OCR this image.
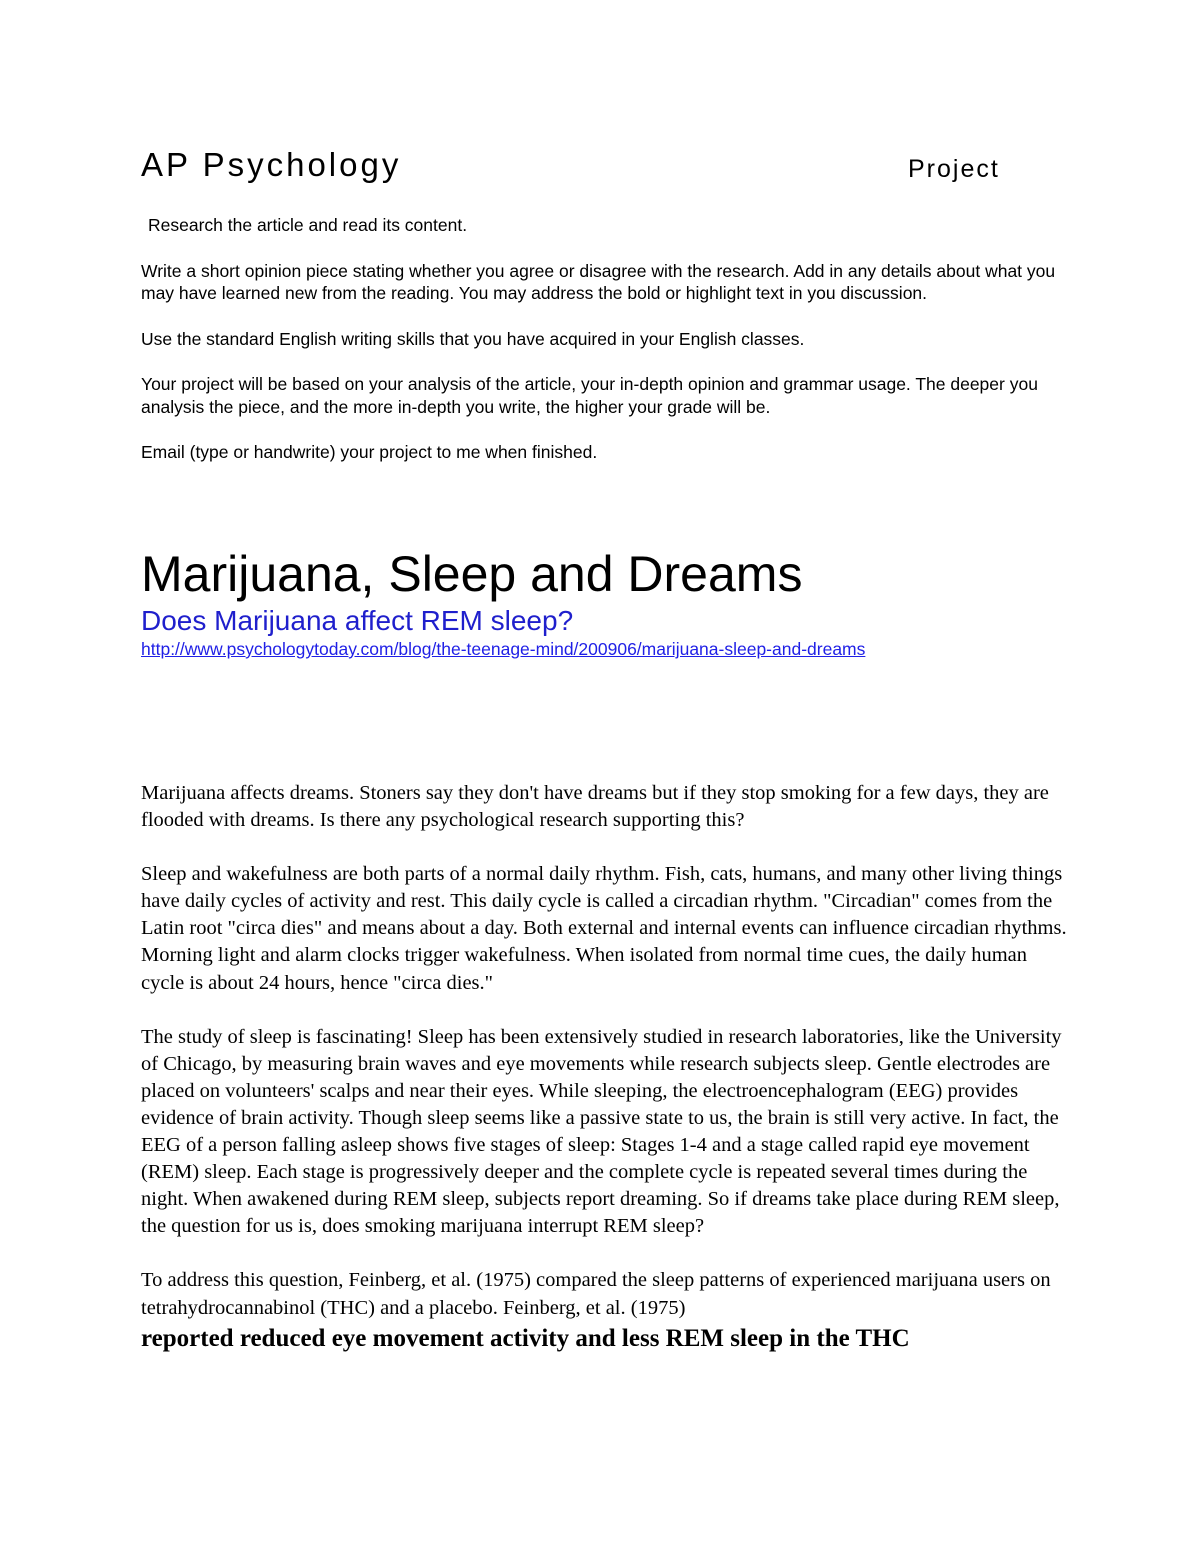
AP Psychology	Project

Research the article and read its content.

Write a short opinion piece stating whether you agree or disagree with the research. Add in any details about what you may have learned new from the reading. You may address the bold or highlight text in you discussion.

Use the standard English writing skills that you have acquired in your English classes.

Your project will be based on your analysis of the article, your in-depth opinion and grammar usage. The deeper you analysis the piece, and the more in-depth you write, the higher your grade will be.

Email (type or handwrite) your project to me when finished.

Marijuana, Sleep and Dreams
Does Marijuana affect REM sleep?
http://www.psychologytoday.com/blog/the-teenage-mind/200906/marijuana-sleep-and-dreams

Marijuana affects dreams. Stoners say they don't have dreams but if they stop smoking for a few days, they are flooded with dreams. Is there any psychological research supporting this?

Sleep and wakefulness are both parts of a normal daily rhythm. Fish, cats, humans, and many other living things have daily cycles of activity and rest. This daily cycle is called a circadian rhythm. "Circadian" comes from the Latin root "circa dies" and means about a day. Both external and internal events can influence circadian rhythms. Morning light and alarm clocks trigger wakefulness. When isolated from normal time cues, the daily human cycle is about 24 hours, hence "circa dies."

The study of sleep is fascinating! Sleep has been extensively studied in research laboratories, like the University of Chicago, by measuring brain waves and eye movements while research subjects sleep. Gentle electrodes are placed on volunteers' scalps and near their eyes. While sleeping, the electroencephalogram (EEG) provides evidence of brain activity. Though sleep seems like a passive state to us, the brain is still very active. In fact, the EEG of a person falling asleep shows five stages of sleep: Stages 1-4 and a stage called rapid eye movement (REM) sleep. Each stage is progressively deeper and the complete cycle is repeated several times during the night. When awakened during REM sleep, subjects report dreaming. So if dreams take place during REM sleep, the question for us is, does smoking marijuana interrupt REM sleep?

To address this question, Feinberg, et al. (1975) compared the sleep patterns of experienced marijuana users on tetrahydrocannabinol (THC) and a placebo. Feinberg, et al. (1975)
reported reduced eye movement activity and less REM sleep in the THC
